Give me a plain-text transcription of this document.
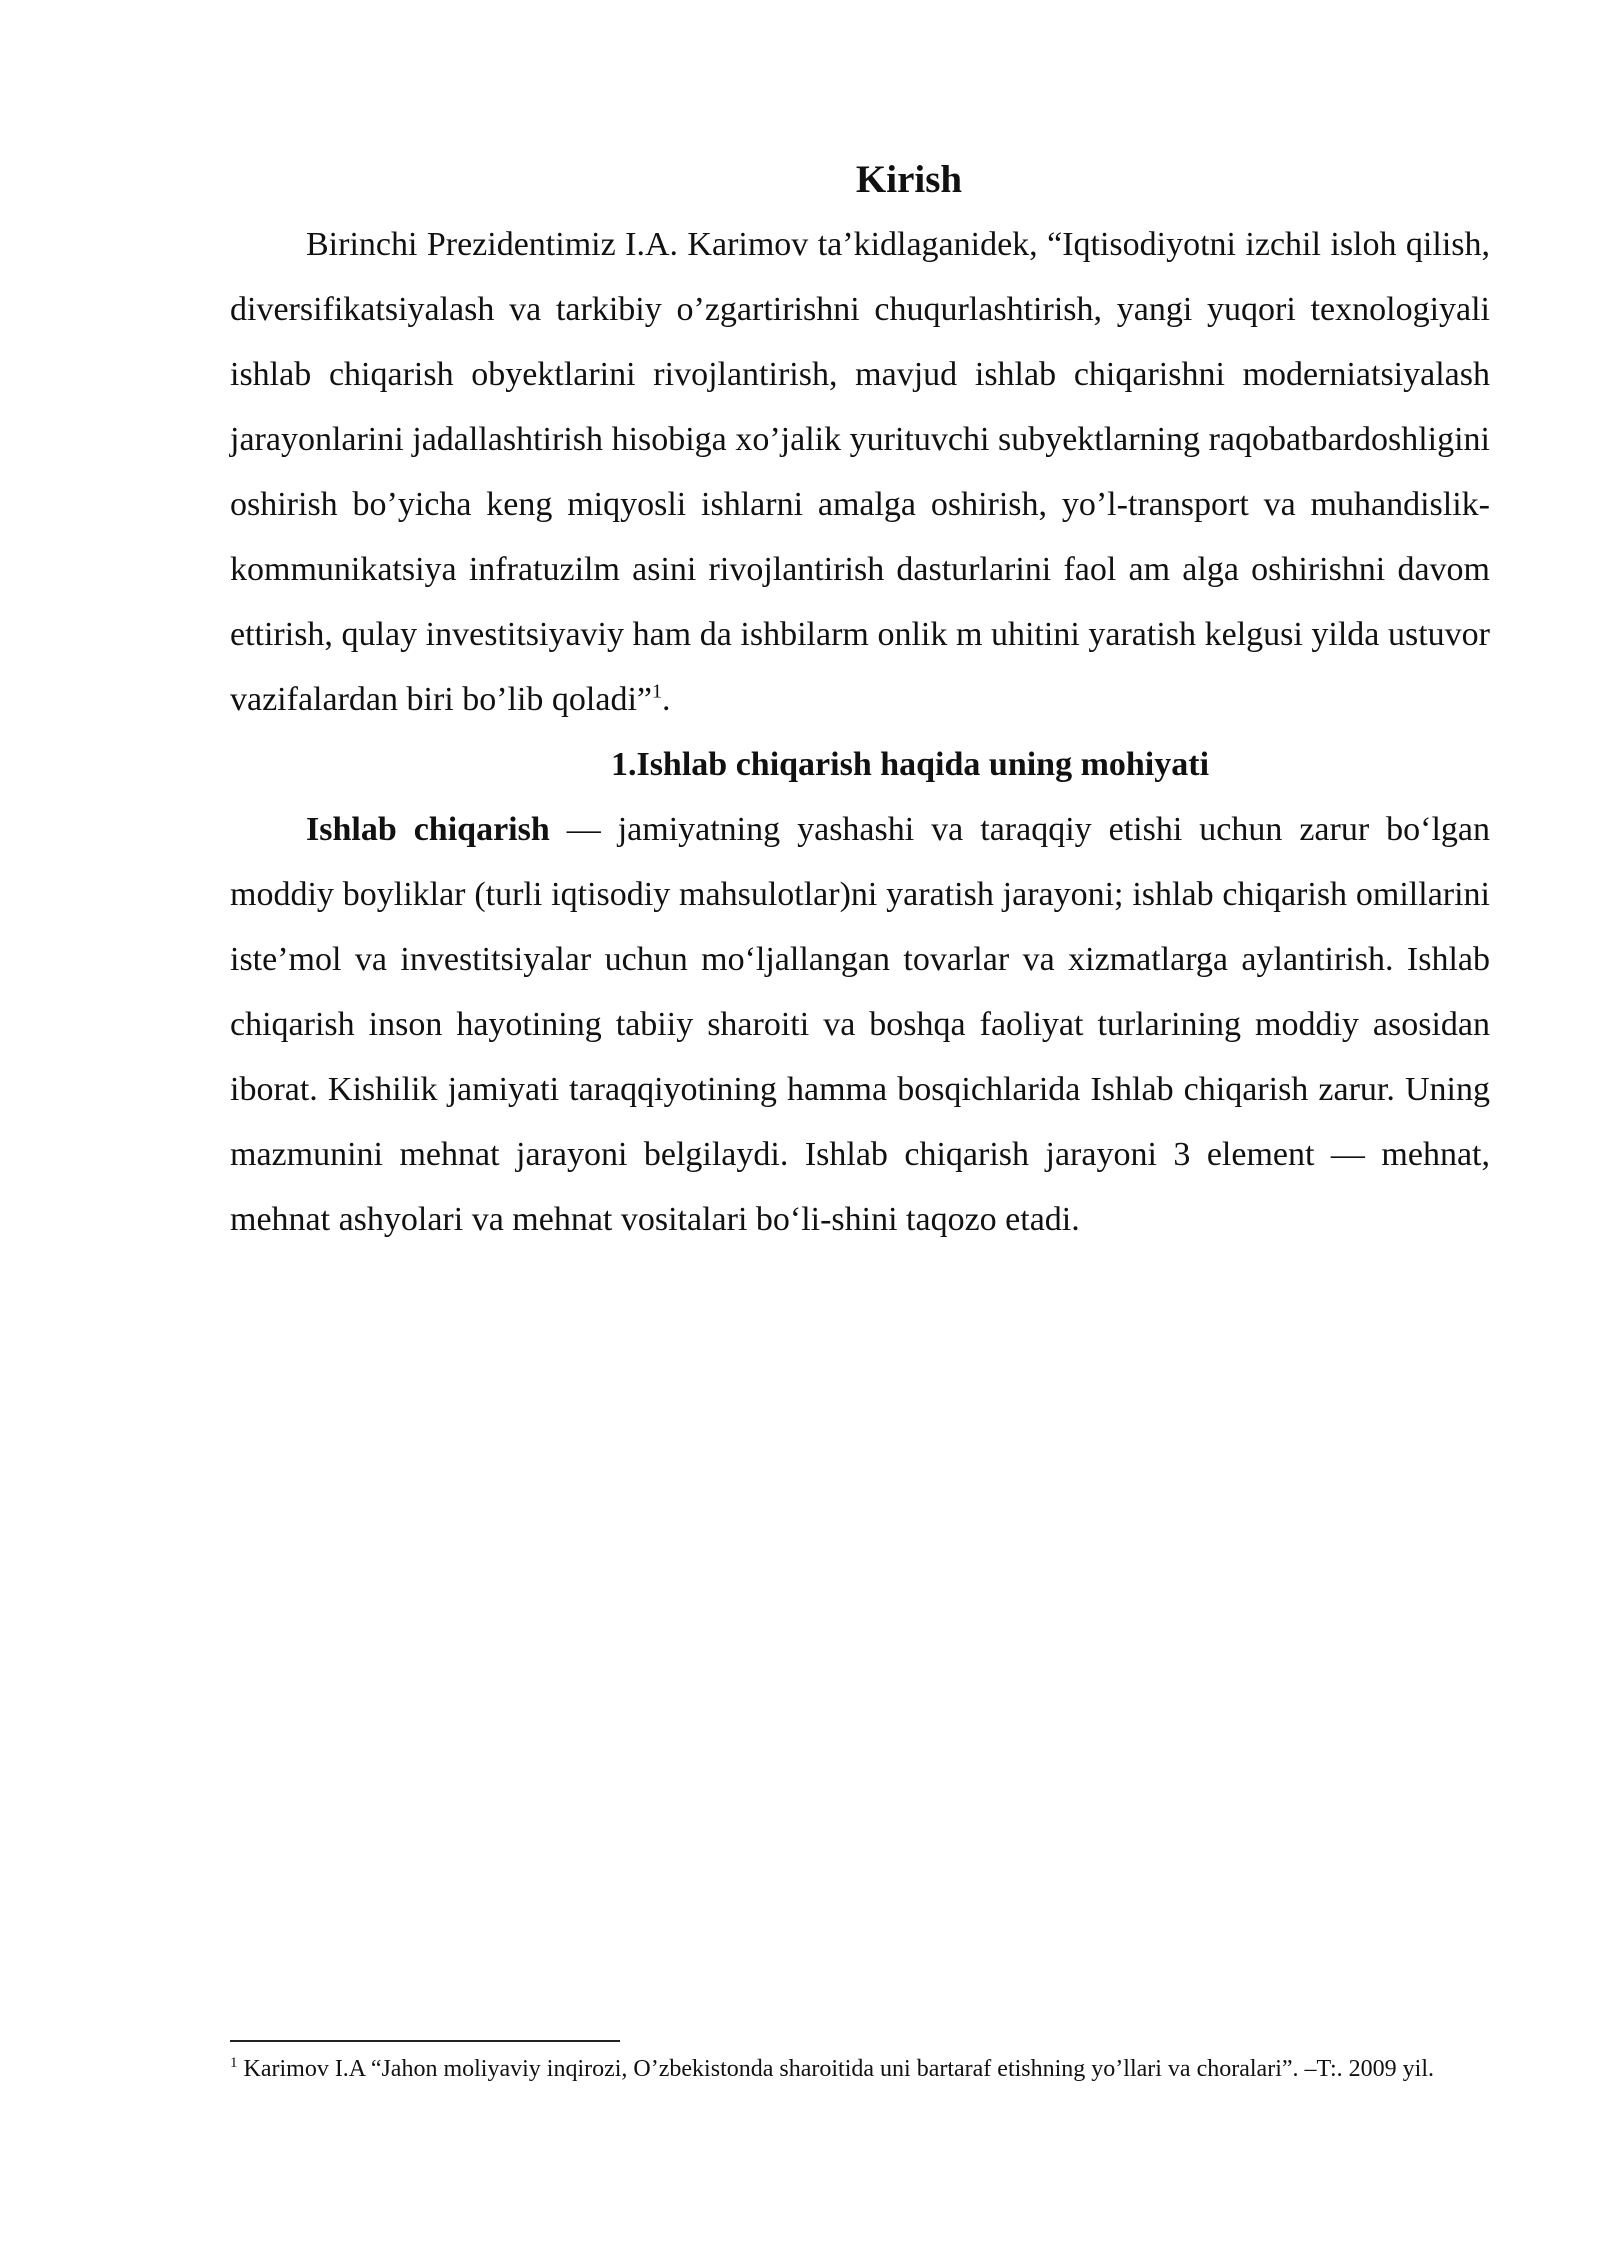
Kirish

Birinchi Prezidentimiz I.A. Karimov ta’kidlaganidek, “Iqtisodiyotni izchil isloh qilish, diversifikatsiyalash va tarkibiy o’zgartirishni chuqurlashtirish, yangi yuqori texnologiyali ishlab chiqarish obyektlarini rivojlantirish, mavjud ishlab chiqarishni moderniatsiyalash jarayonlarini jadallashtirish hisobiga xo’jalik yurituvchi subyektlarning raqobatbardoshligini oshirish bo’yicha keng miqyosli ishlarni amalga oshirish, yo’l-transport va muhandislik-kommunikatsiya infratuzilm asini rivojlantirish dasturlarini faol am alga oshirishni davom ettirish, qulay investitsiyaviy ham da ishbilarm onlik m uhitini yaratish kelgusi yilda ustuvor vazifalardan biri bo’lib qoladi”$^1$.

1.Ishlab chiqarish haqida uning mohiyati

Ishlab chiqarish — jamiyatning yashashi va taraqqiy etishi uchun zarur bo‘lgan moddiy boyliklar (turli iqtisodiy mahsulotlar)ni yaratish jarayoni; ishlab chiqarish omillarini iste’mol va investitsiyalar uchun mo‘ljallangan tovarlar va xizmatlarga aylantirish. Ishlab chiqarish inson hayotining tabiiy sharoiti va boshqa faoliyat turlarining moddiy asosidan iborat. Kishilik jamiyati taraqqiyotining hamma bosqichlarida Ishlab chiqarish zarur. Uning mazmunini mehnat jarayoni belgilaydi. Ishlab chiqarish jarayoni 3 element — mehnat, mehnat ashyolari va mehnat vositalari bo‘li-shini taqozo etadi.

$^1$ Karimov I.A “Jahon moliyaviy inqirozi, O’zbekistonda sharoitida uni bartaraf etishning yo’llari va choralari”. –T:. 2009 yil.
